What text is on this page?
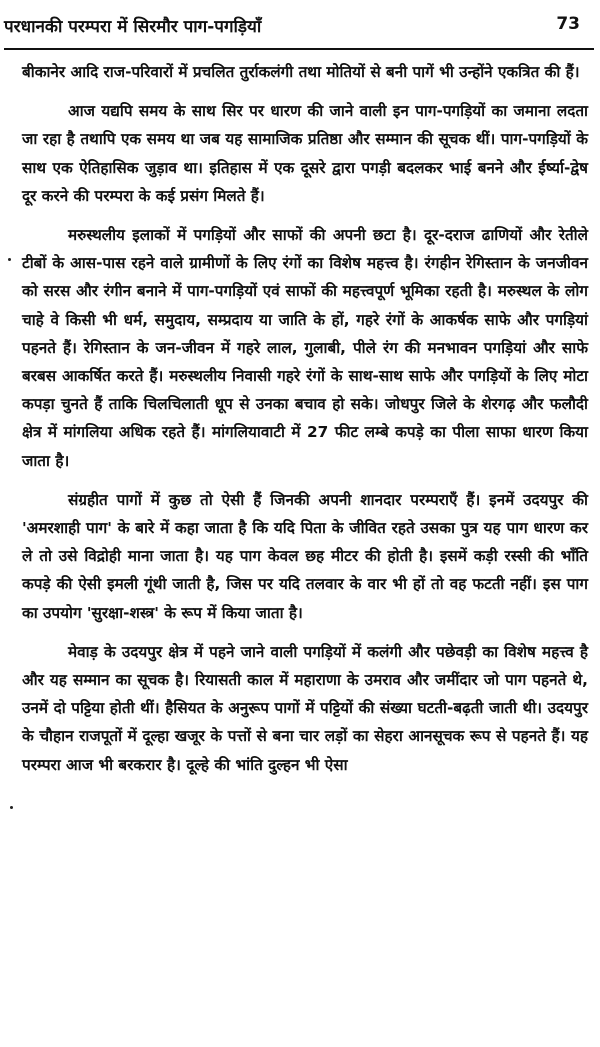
परधानकी परम्परा में सिरमौर पाग-पगड़ियाँ	73

बीकानेर आदि राज-परिवारों में प्रचलित तुर्राकलंगी तथा मोतियों से बनी पागें भी उन्होंने एकत्रित की हैं।

आज यद्यपि समय के साथ सिर पर धारण की जाने वाली इन पाग-पगड़ियों का जमाना लदता जा रहा है तथापि एक समय था जब यह सामाजिक प्रतिष्ठा और सम्मान की सूचक थीं। पाग-पगड़ियों के साथ एक ऐतिहासिक जुड़ाव था। इतिहास में एक दूसरे द्वारा पगड़ी बदलकर भाई बनने और ईर्ष्या-द्वेष दूर करने की परम्परा के कई प्रसंग मिलते हैं।

मरुस्थलीय इलाकों में पगड़ियों और साफों की अपनी छटा है। दूर-दराज ढाणियों और रेतीले टीबों के आस-पास रहने वाले ग्रामीणों के लिए रंगों का विशेष महत्त्व है। रंगहीन रेगिस्तान के जनजीवन को सरस और रंगीन बनाने में पाग-पगड़ियों एवं साफों की महत्त्वपूर्ण भूमिका रहती है। मरुस्थल के लोग चाहे वे किसी भी धर्म, समुदाय, सम्प्रदाय या जाति के हों, गहरे रंगों के आकर्षक साफे और पगड़ियां पहनते हैं। रेगिस्तान के जन-जीवन में गहरे लाल, गुलाबी, पीले रंग की मनभावन पगड़ियां और साफे बरबस आकर्षित करते हैं। मरुस्थलीय निवासी गहरे रंगों के साथ-साथ साफे और पगड़ियों के लिए मोटा कपड़ा चुनते हैं ताकि चिलचिलाती धूप से उनका बचाव हो सके। जोधपुर जिले के शेरगढ़ और फलौदी क्षेत्र में मांगलिया अधिक रहते हैं। मांगलियावाटी में 27 फीट लम्बे कपड़े का पीला साफा धारण किया जाता है।

संग्रहीत पागों में कुछ तो ऐसी हैं जिनकी अपनी शानदार परम्पराएँ हैं। इनमें उदयपुर की 'अमरशाही पाग' के बारे में कहा जाता है कि यदि पिता के जीवित रहते उसका पुत्र यह पाग धारण कर ले तो उसे विद्रोही माना जाता है। यह पाग केवल छह मीटर की होती है। इसमें कड़ी रस्सी की भाँति कपड़े की ऐसी इमली गूंथी जाती है, जिस पर यदि तलवार के वार भी हों तो वह फटती नहीं। इस पाग का उपयोग 'सुरक्षा-शस्त्र' के रूप में किया जाता है।

मेवाड़ के उदयपुर क्षेत्र में पहने जाने वाली पगड़ियों में कलंगी और पछेवड़ी का विशेष महत्त्व है और यह सम्मान का सूचक है। रियासती काल में महाराणा के उमराव और जमींदार जो पाग पहनते थे, उनमें दो पट्टिया होती थीं। हैसियत के अनुरूप पागों में पट्टियों की संख्या घटती-बढ़ती जाती थी। उदयपुर के चौहान राजपूतों में दूल्हा खजूर के पत्तों से बना चार लड़ों का सेहरा आनसूचक रूप से पहनते हैं। यह परम्परा आज भी बरकरार है। दूल्हे की भांति दुल्हन भी ऐसा
